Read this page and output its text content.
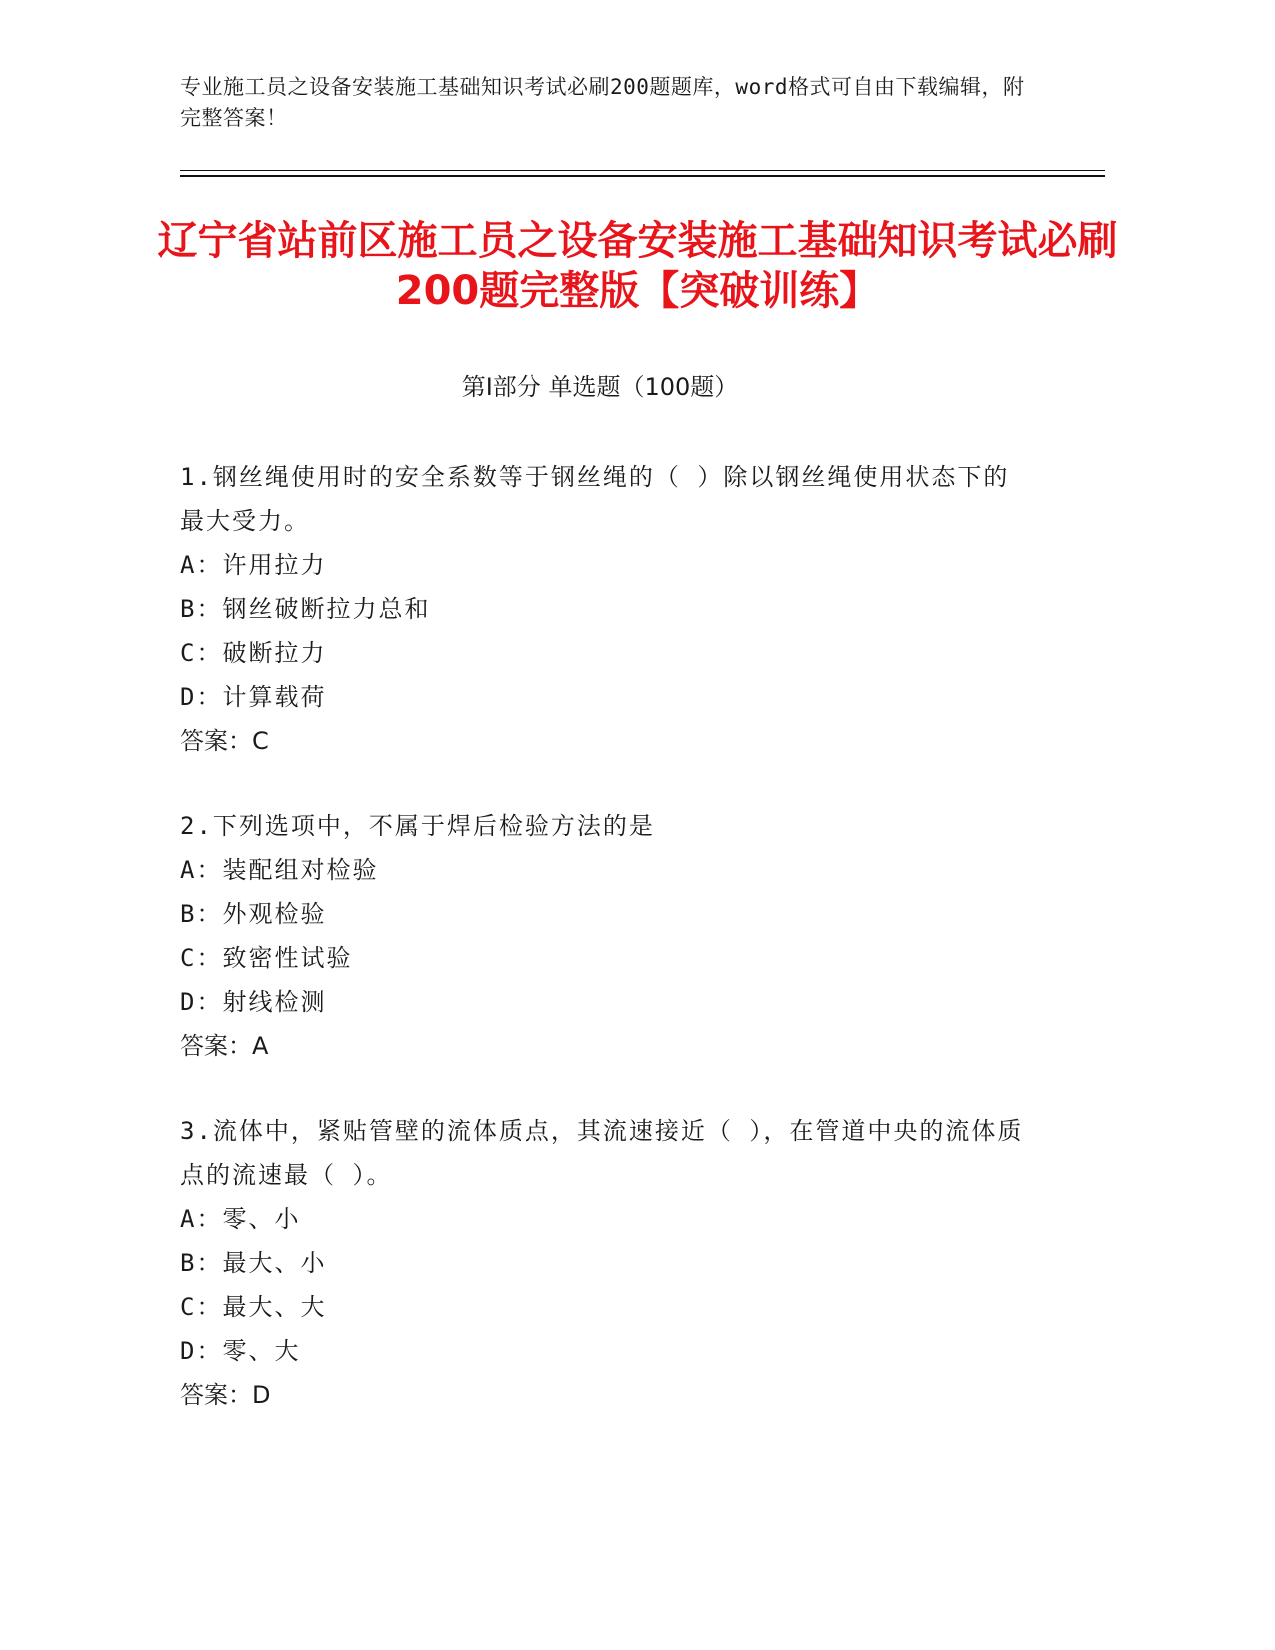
专业施工员之设备安装施工基础知识考试必刷200题题库，word格式可自由下载编辑，附完整答案！
辽宁省站前区施工员之设备安装施工基础知识考试必刷200题完整版【突破训练】
第I部分 单选题（100题）
1.钢丝绳使用时的安全系数等于钢丝绳的（ ）除以钢丝绳使用状态下的最大受力。
A：许用拉力
B：钢丝破断拉力总和
C：破断拉力
D：计算载荷
答案：C
2.下列选项中，不属于焊后检验方法的是
A：装配组对检验
B：外观检验
C：致密性试验
D：射线检测
答案：A
3.流体中，紧贴管壁的流体质点，其流速接近（ ），在管道中央的流体质点的流速最（ ）。
A：零、小
B：最大、小
C：最大、大
D：零、大
答案：D
